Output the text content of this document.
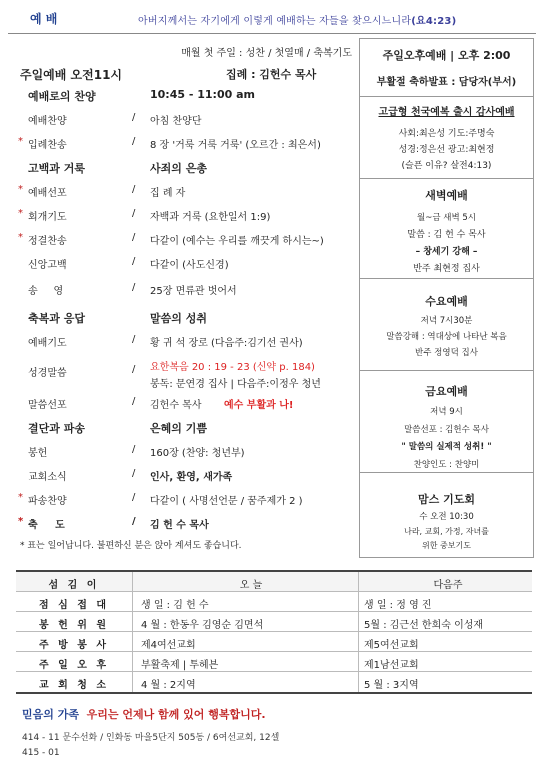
예 배	아버지께서는 자기에게 이렇게 예배하는 자들을 찾으시느니라(요4:23)
매월 첫 주일 : 성찬 / 첫열매 / 축복기도
주일예배 오전11시	집례 : 김헌수 목사
예배로의 찬양	10:45 - 11:00 am
예배찬양	/ 아침 찬양단
* 입례찬송	/ 8 장 '거룩 거룩 거룩' (오르간 : 최은서)
고백과 거룩	사죄의 은총
* 예배선포	/ 집 례 자
* 회개기도	/ 자백과 거룩 (요한일서 1:9)
* 정결찬송	/ 다같이 (예수는 우리를 깨끗게 하시는~)
신앙고백	/ 다같이 (사도신경)
송     영	/ 25장 면류관 벗어서
축복과 응답	말씀의 성취
예배기도	/ 황 귀 석 장로 (다음주:김기선 권사)
성경말씀	/ 요한복음 20 : 19 - 23 (신약 p. 184)
봉독: 문연경 집사 | 다음주:이정우 청년
말씀선포	/ 김헌수 목사 예수 부활과 나!
결단과 파송	은혜의 기쁨
봉헌	/ 160장 (찬양: 청년부)
교회소식	/ 인사, 환영, 새가족
* 파송찬양	/ 다같이 ( 사명선언문 / 꿈주제가 2 )
* 축     도	/ 김 헌 수 목사
* 표는 일어납니다. 불편하신 분은 앉아 계셔도 좋습니다.
주일오후예배 | 오후 2:00
부활절 축하발표 : 담당자(부서)
고급형 천국예복 출시 감사예배
사회:최은성 기도:주명숙
성경:정은선 광고:최현정
(슬픈 이유? 살전4:13)
새벽예배
월~금 새벽 5시
말씀 : 김 헌 수 목사
– 창세기 강해 –
반주 최현정 집사
수요예배
저녁 7시30분
말씀강해 : 역대상에 나타난 복음
반주 정영덕 집사
금요예배
저녁 9시
말씀선포 : 김헌수 목사
" 말씀의 실제적 성취! "
찬양인도 : 찬양미
맘스 기도회
수 오전 10:30
나라, 교회, 가정, 자녀를
위한 중보기도
섬 김 이	오 늘	다음주
점 심 접 대	생 일 : 김 헌 수	생 일 : 정 영 진
봉 헌 위 원	4 월 : 한동우 김영순 김면석	5월 : 김근선 한희숙 이성재
주 방 봉 사	제4여선교회	제5여선교회
주 일 오 후	부활축제 | 투헤븐	제1남선교회
교 회 청 소	4 월 : 2지역	5 월 : 3지역
믿음의 가족 우리는 언제나 함께 있어 행복합니다.
414 - 11 문수선화 / 인화동 마을5단지 505동 / 6여선교회, 12셀
415 - 01
